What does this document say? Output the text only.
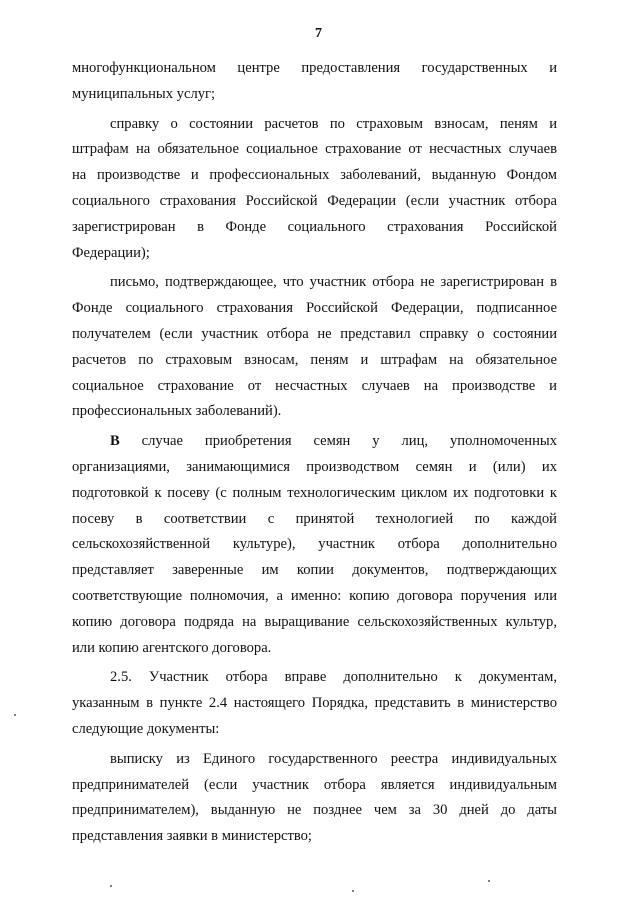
7

многофункциональном центре предоставления государственных и
муниципальных услуг;

справку о состоянии расчетов по страховым взносам, пеням и
штрафам на обязательное социальное страхование от несчастных случаев
на производстве и профессиональных заболеваний, выданную Фондом
социального страхования Российской Федерации (если участник отбора
зарегистрирован в Фонде социального страхования Российской
Федерации);

письмо, подтверждающее, что участник отбора не зарегистрирован в
Фонде социального страхования Российской Федерации, подписанное
получателем (если участник отбора не представил справку о состоянии
расчетов по страховым взносам, пеням и штрафам на обязательное
социальное страхование от несчастных случаев на производстве и
профессиональных заболеваний).

В случае приобретения семян у лиц, уполномоченных
организациями, занимающимися производством семян и (или) их
подготовкой к посеву (с полным технологическим циклом их подготовки к
посеву в соответствии с принятой технологией по каждой
сельскохозяйственной культуре), участник отбора дополнительно
представляет заверенные им копии документов, подтверждающих
соответствующие полномочия, а именно: копию договора поручения или
копию договора подряда на выращивание сельскохозяйственных культур,
или копию агентского договора.

2.5. Участник отбора вправе дополнительно к документам,
указанным в пункте 2.4 настоящего Порядка, представить в министерство
следующие документы:

выписку из Единого государственного реестра индивидуальных
предпринимателей (если участник отбора является индивидуальным
предпринимателем), выданную не позднее чем за 30 дней до даты
представления заявки в министерство;
